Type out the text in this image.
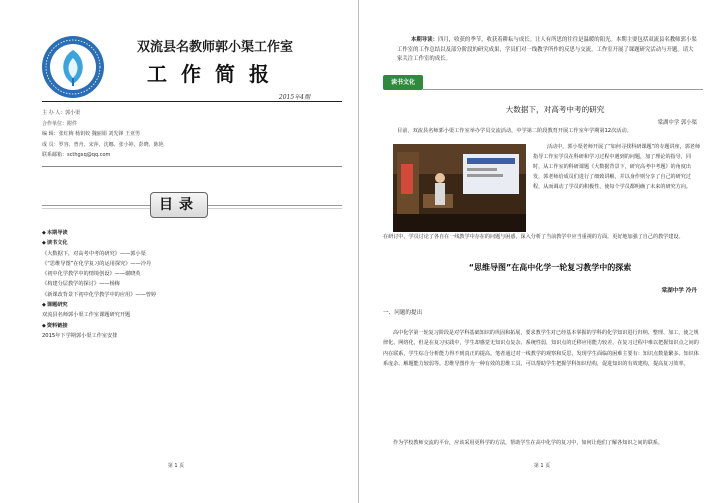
双流县名教师郭小渠工作室
工作简报
2015年4期
主 办 人：郭小渠
合作单位：附件
编 辑：张红梅 杨钥姣 魏丽娟 刘先锋 王亚男
成 员：罗容、曾舟、宋萍、沈娜、张小婷、彭晓、陈艳
联系邮箱：scthgxq@qq.com
目录
◆ 本期导读
◆ 读书文化
《大数据下，对高考中考的研究》——郭小渠
《“思维导图”在化学复习的运用探究》——冷丹
《初中化学教学中的情境创设》——谢晓英
《构建分层教学的探讨》——杨梅
《新课改背景下初中化学教学中的应用》——曾婷
◆ 课题研究
双流县名师郭小渠工作室课题研究开题
◆ 资料链接
2015年下学期郭小渠工作室安排
第 1 页
本期导读：四月，收获的季节，收获着耕耘与成长。让人有所思的往往是温暖的阳光。本期主要包括双流县名教师郭小渠工作室的工作总结以及部分阶段的研究成果，学员们对一线教学所作的反思与交流，工作室开展了课题研究活动与开题。请大家关注工作室的成长。
读书文化
大数据下，对高考中考的研究
棠湖中学 郭小渠
目前，双流县名师郭小渠工作室举办学员交流活动，中学第二阶段教育开展工作室年学期第12次活动。
活动中，郭小渠老师开展了“如何寻找科研课题”的专题讲座，郭老师指导工作室学员在科研和学习过程中遇到的问题，加了理论的指导，同时，从工作室的科研课题《大数据背景下，研究高考中考题》的角度出发，郭老师给成员们进行了细致讲解，并以身作则分享了自己的研究过程，从而调动了学员的积极性，使每个学员都明确了未来的研究方向。
在研讨中，学员讨论了各自在一线教学中存在的问题与困惑，深入分析了当前教学中应当重视的方面，更好地加强了自己的教学建设。
“思维导图”在高中化学一轮复习教学中的探索
棠湖中学 冷丹
一、问题的提出
高中化学第一轮复习阶段是对学科基础知识的巩固和拓展，要求教学生对已经基本掌握的学科的化学知识进行归纳、整理、加工，使之规律化、网络化，但是在复习实践中，学生却感觉无知识点复杂、系统性弱，知识点的迁移应用能力较差，在复习过程中难以把握知识点之间的内在联系，学生综合分析能力得不到真正的提高。笔者通过对一线教学的观察和反思，发现学生面临的困难主要有：知识点数量繁多、知识体系庞杂、解题能力较弱等。思维导图作为一种有效的思维工具，可以帮助学生把握学科知识结构，促进知识的有效建构，提高复习效率。
作为学校教师交流的平台，应该采用更科学的方法，帮助学生在高中化学的复习中，如何让他们了解各知识之间的联系。
第 1 页
